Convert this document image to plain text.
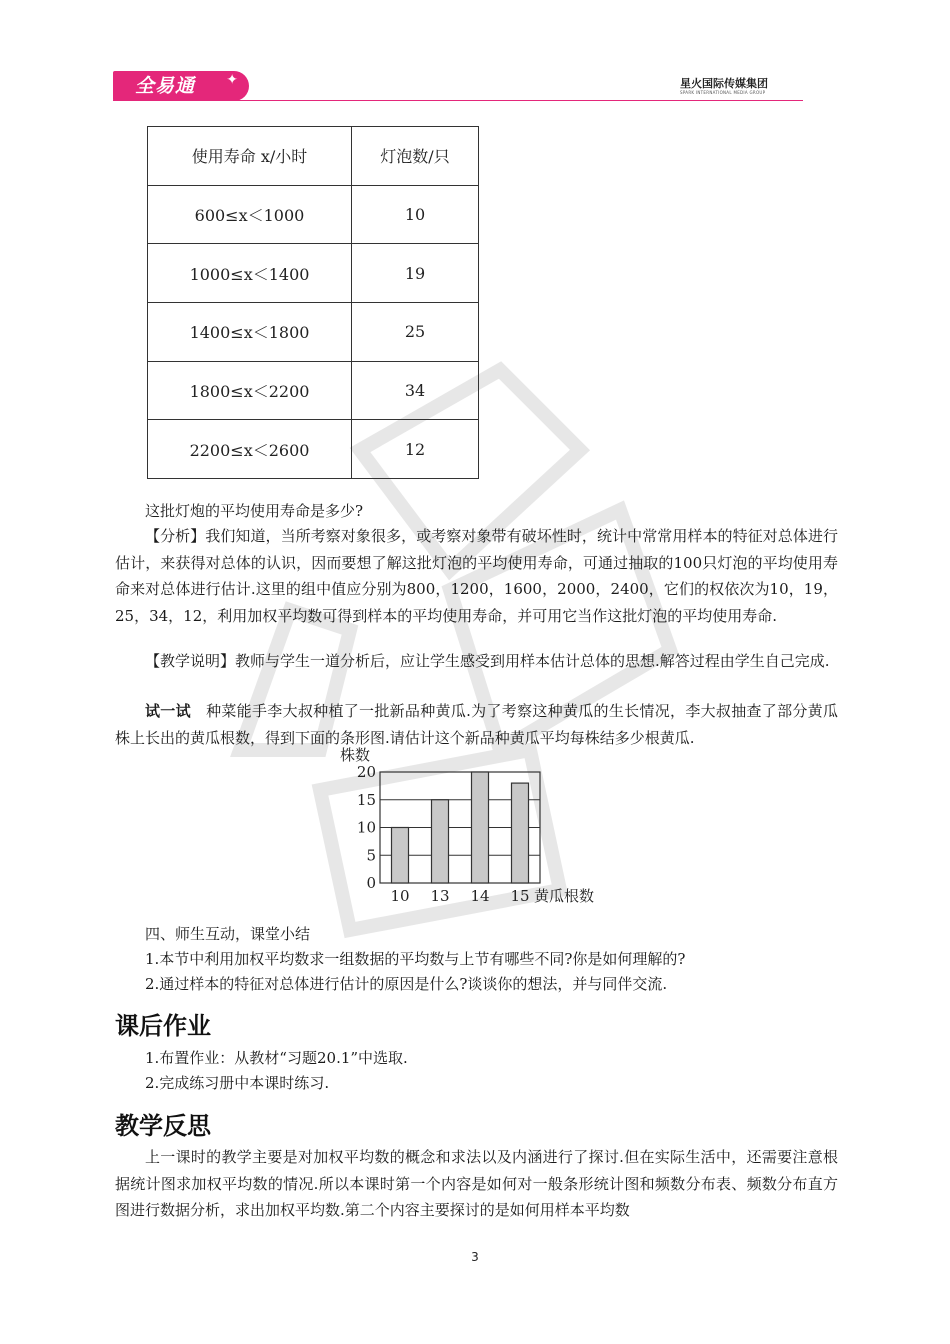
全易通 ✦	星火国际传媒集团
SPARK INTERNATIONAL MEDIA GROUP
使用寿命 x/小时	灯泡数/只
600≤x＜1000	10
1000≤x＜1400	19
1400≤x＜1800	25
1800≤x＜2200	34
2200≤x＜2600	12
这批灯炮的平均使用寿命是多少?
【分析】我们知道，当所考察对象很多，或考察对象带有破坏性时，统计中常常用样本的特征对总体进行估计，来获得对总体的认识，因而要想了解这批灯泡的平均使用寿命，可通过抽取的100只灯泡的平均使用寿命来对总体进行估计.这里的组中值应分别为800，1200，1600，2000，2400，它们的权依次为10，19，25，34，12，利用加权平均数可得到样本的平均使用寿命，并可用它当作这批灯泡的平均使用寿命.
【教学说明】教师与学生一道分析后，应让学生感受到用样本估计总体的思想.解答过程由学生自己完成.
试一试 种菜能手李大叔种植了一批新品种黄瓜.为了考察这种黄瓜的生长情况，李大叔抽查了部分黄瓜株上长出的黄瓜根数，得到下面的条形图.请估计这个新品种黄瓜平均每株结多少根黄瓜.
株数
0
5
10
15
20
10 13 14 15 黄瓜根数
四、师生互动，课堂小结
1.本节中利用加权平均数求一组数据的平均数与上节有哪些不同?你是如何理解的?
2.通过样本的特征对总体进行估计的原因是什么?谈谈你的想法，并与同伴交流.
课后作业
1.布置作业：从教材“习题20.1”中选取.
2.完成练习册中本课时练习.
教学反思
上一课时的教学主要是对加权平均数的概念和求法以及内涵进行了探讨.但在实际生活中，还需要注意根据统计图求加权平均数的情况.所以本课时第一个内容是如何对一般条形统计图和频数分布表、频数分布直方图进行数据分析，求出加权平均数.第二个内容主要探讨的是如何用样本平均数
3
